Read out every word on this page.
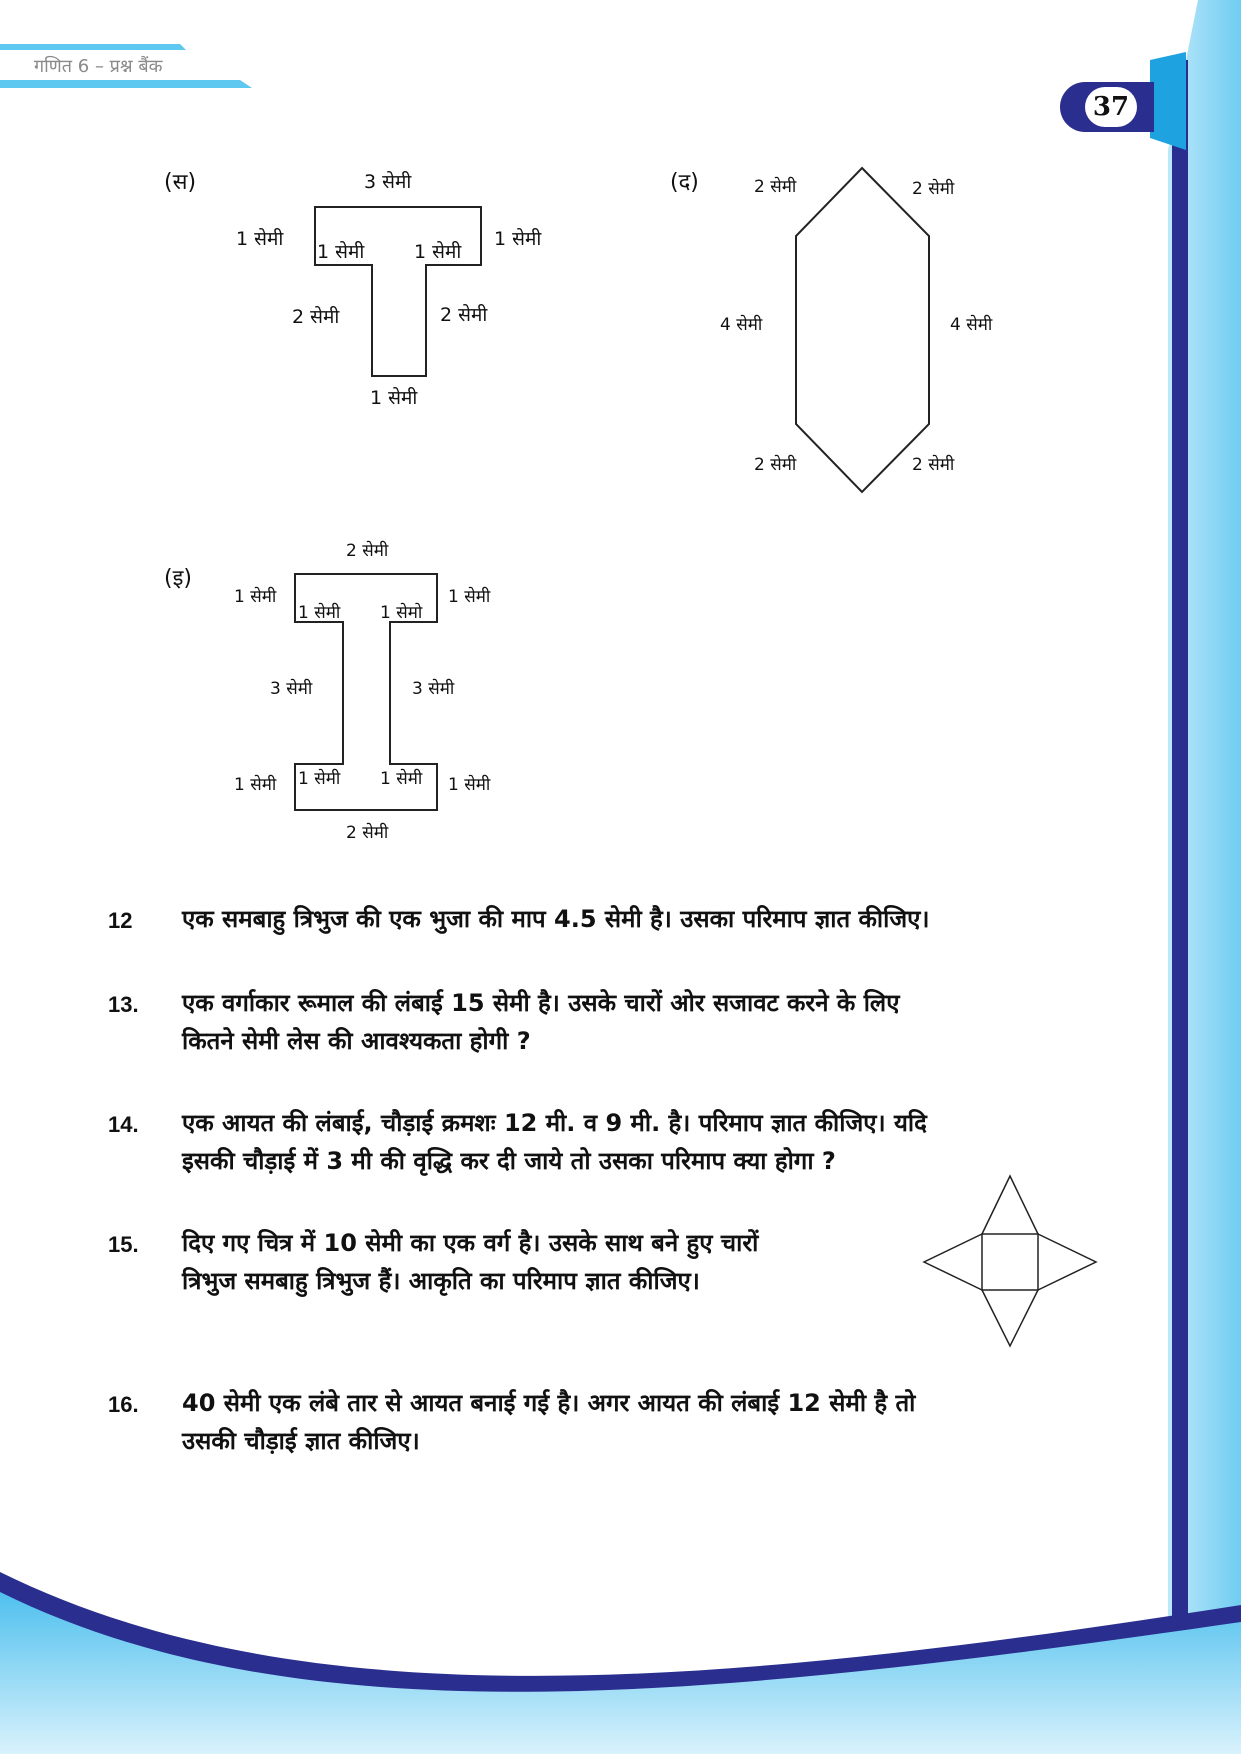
गणित 6 – प्रश्न बैंक
37
(स)	3 सेमी
1 सेमी
1 सेमी	1 सेमी
1 सेमी
2 सेमी	2 सेमी
1 सेमी
(द)	2 सेमी	2 सेमी
4 सेमी	4 सेमी
2 सेमी	2 सेमी
(इ)
2 सेमी
1 सेमी
1 सेमी
1 सेमी
1 सेमो
3 सेमी	3 सेमी
1 सेमी 1 सेमी 1 सेमी 1 सेमी
2 सेमी
12 एक समबाहु त्रिभुज की एक भुजा की माप 4.5 सेमी है। उसका परिमाप ज्ञात कीजिए।
13. एक वर्गाकार रूमाल की लंबाई 15 सेमी है। उसके चारों ओर सजावट करने के लिए
कितने सेमी लेस की आवश्यकता होगी ?
14. एक आयत की लंबाई, चौड़ाई क्रमशः 12 मी. व 9 मी. है। परिमाप ज्ञात कीजिए। यदि
इसकी चौड़ाई में 3 मी की वृद्धि कर दी जाये तो उसका परिमाप क्या होगा ?
15. दिए गए चित्र में 10 सेमी का एक वर्ग है। उसके साथ बने हुए चारों
त्रिभुज समबाहु त्रिभुज हैं। आकृति का परिमाप ज्ञात कीजिए।
16. 40 सेमी एक लंबे तार से आयत बनाई गई है। अगर आयत की लंबाई 12 सेमी है तो
उसकी चौड़ाई ज्ञात कीजिए।
